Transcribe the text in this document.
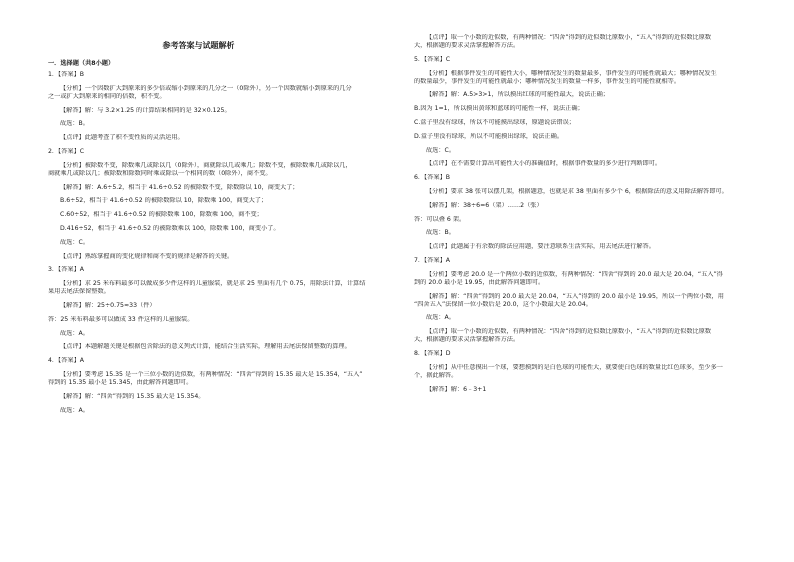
参考答案与试题解析
一．选择题（共8小题）
1．【答案】B
【分析】一个因数扩大到原来的多少倍或缩小到原来的几分之一（0除外），另一个因数就缩小到原来的几分
之一或扩大到原来的相同的倍数，积不变。
【解答】解：与 3.2×1.25 的计算结果相同的是 32×0.125。
故选：B。
【点评】此题考查了积不变性质的灵活运用。
2．【答案】C
【分析】被除数不变，除数乘几或除以几（0除外），商就除以几或乘几；除数不变，被除数乘几或除以几，
商就乘几或除以几；被除数和除数同时乘或除以一个相同的数（0除外），商不变。
【解答】解：A.6÷5.2，相当于 41.6÷0.52 的被除数不变，除数除以 10，商变大了；
B.6÷52，相当于 41.6÷0.52 的被除数除以 10，除数乘 100，商变大了；
C.60÷52，相当于 41.6÷0.52 的被除数乘 100，除数乘 100，商不变；
D.416÷52，相当于 41.6÷0.52 的被除数乘以 100，除数乘 100，商变小了。
故选：C。
【点评】熟练掌握商的变化规律和商不变的规律是解答的关键。
3．【答案】A
【分析】求 25 米布料最多可以做成多少件这样的儿童服装，就是求 25 里面有几个 0.75，用除法计算，计算结
果用去尾法保留整数。
【解答】解：25÷0.75≈33（件）
答：25 米布料最多可以做成 33 件这样的儿童服装。
故选：A。
【点评】本题解题关键是根据包含除法的意义列式计算，能结合生活实际，理解用去尾法保留整数的算理。
4．【答案】A
【分析】要考虑 15.35 是一个三位小数的近似数，有两种情况：“四舍”得到的 15.35 最大是 15.354，“五入”
得到的 15.35 最小是 15.345，由此解答问题即可。
【解答】解：“四舍”得到的 15.35 最大是 15.354。
故选：A。
【点评】取一个小数的近似数，有两种情况：“四舍”得到的近似数比原数小，“五入”得到的近似数比原数
大，根据题的要求灵活掌握解答方法。
5．【答案】C
【分析】根据事件发生的可能性大小，哪种情况发生的数量最多，事件发生的可能性就最大；哪种情况发生
的数量最少，事件发生的可能性就最小；哪种情况发生的数量一样多，事件发生的可能性就相等。
【解答】解：A.5>3>1，所以摸出红球的可能性最大，说法正确；
B.因为 1=1，所以摸出黄球和蓝球的可能性一样，说法正确；
C.盒子里没有绿球，所以不可能摸出绿球，原题说法错误；
D.盒子里没有绿球，所以不可能摸出绿球，说法正确。
故选：C。
【点评】在不需要计算出可能性大小的准确值时，根据事件数量的多少进行判断即可。
6．【答案】B
【分析】要求 38 张可以摆几架，根据题意，也就是求 38 里面有多少个 6，根据除法的意义用除法解答即可。
【解答】解：38÷6=6（架）……2（张）
答：可以叠 6 架。
故选：B。
【点评】此题属于有余数的除法应用题，要注意联系生活实际，用去尾法进行解答。
7．【答案】A
【分析】要考虑 20.0 是一个两位小数的近似数，有两种情况：“四舍”得到的 20.0 最大是 20.04，“五入”得
到的 20.0 最小是 19.95，由此解答问题即可。
【解答】解：“四舍”得到的 20.0 最大是 20.04，“五入”得到的 20.0 最小是 19.95，所以一个两位小数，用
“四舍五入”法保留一位小数后是 20.0，这个小数最大是 20.04。
故选：A。
【点评】取一个小数的近似数，有两种情况：“四舍”得到的近似数比原数小，“五入”得到的近似数比原数
大，根据题的要求灵活掌握解答方法。
8．【答案】D
【分析】从中任意摸出一个球，要想摸到的是白色球的可能性大，就要使白色球的数量比红色球多，至少多一
个，据此解答。
【解答】解：6﹣3+1
